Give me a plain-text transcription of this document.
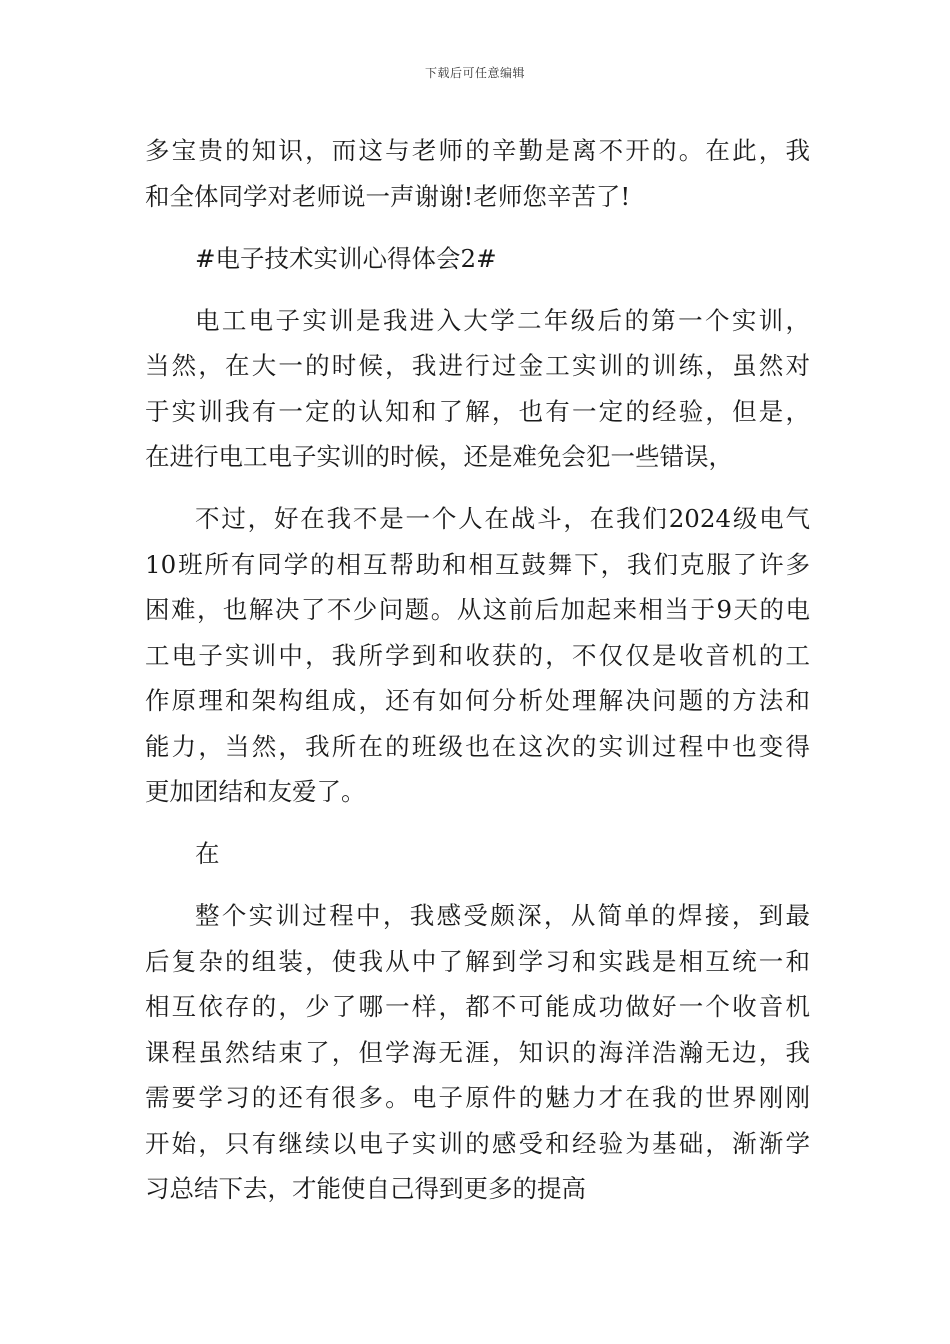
下载后可任意编辑
多宝贵的知识，而这与老师的辛勤是离不开的。在此，我
和全体同学对老师说一声谢谢!老师您辛苦了!
#电子技术实训心得体会2#
电工电子实训是我进入大学二年级后的第一个实训，
当然，在大一的时候，我进行过金工实训的训练，虽然对
于实训我有一定的认知和了解，也有一定的经验，但是，
在进行电工电子实训的时候，还是难免会犯一些错误，
不过，好在我不是一个人在战斗，在我们2024级电气
10班所有同学的相互帮助和相互鼓舞下，我们克服了许多
困难，也解决了不少问题。从这前后加起来相当于9天的电
工电子实训中，我所学到和收获的，不仅仅是收音机的工
作原理和架构组成，还有如何分析处理解决问题的方法和
能力，当然，我所在的班级也在这次的实训过程中也变得
更加团结和友爱了。
在
整个实训过程中，我感受颇深，从简单的焊接，到最
后复杂的组装，使我从中了解到学习和实践是相互统一和
相互依存的，少了哪一样，都不可能成功做好一个收音机
课程虽然结束了，但学海无涯，知识的海洋浩瀚无边，我
需要学习的还有很多。电子原件的魅力才在我的世界刚刚
开始，只有继续以电子实训的感受和经验为基础，渐渐学
习总结下去，才能使自己得到更多的提高
